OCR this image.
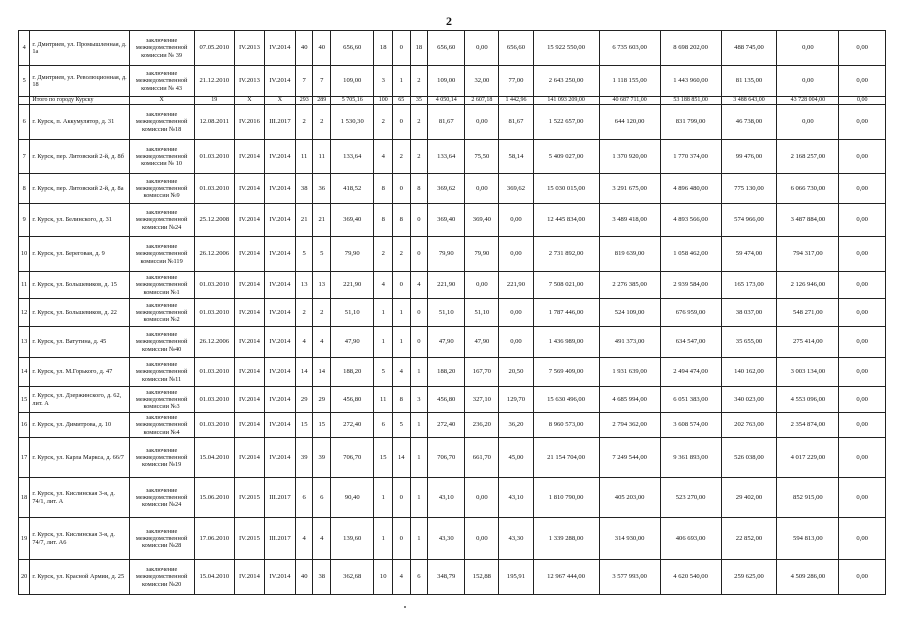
2
4	г. Дмитриев, ул. Промышленная, д. 1а	заключение межведомственной комиссии № 39	07.05.2010	IV.2013	IV.2014	40	40	656,60	18	0	18	656,60	0,00	656,60	15 922 550,00	6 735 603,00	8 698 202,00	488 745,00	0,00	0,00
5	г. Дмитриев, ул. Революционная, д. 18	заключение межведомственной комиссии № 43	21.12.2010	IV.2013	IV.2014	7	7	109,00	3	1	2	109,00	32,00	77,00	2 643 250,00	1 118 155,00	1 443 960,00	81 135,00	0,00	0,00
	Итого по городу Курску	X	19	X	X	293	289	5 705,16	100	65	35	4 050,14	2 607,18	1 442,96	141 093 209,00	40 687 711,00	53 188 851,00	3 488 643,00	43 728 004,00	0,00
6	г. Курск, п. Аккумулятор, д. 31	заключение межведомственной комиссии №18	12.08.2011	IV.2016	III.2017	2	2	1 530,30	2	0	2	81,67	0,00	81,67	1 522 657,00	644 120,00	831 799,00	46 738,00	0,00	0,00
7	г. Курск, пер. Литовский 2-й, д. 8б	заключение межведомственной комиссии № 10	01.03.2010	IV.2014	IV.2014	11	11	133,64	4	2	2	133,64	75,50	58,14	5 409 027,00	1 370 920,00	1 770 374,00	99 476,00	2 168 257,00	0,00
8	г. Курск, пер. Литовский 2-й, д. 8а	заключение межведомственной комиссии №9	01.03.2010	IV.2014	IV.2014	38	36	418,52	8	0	8	369,62	0,00	369,62	15 030 015,00	3 291 675,00	4 896 480,00	775 130,00	6 066 730,00	0,00
9	г. Курск, ул. Белинского, д. 31	заключение межведомственной комиссии №24	25.12.2008	IV.2014	IV.2014	21	21	369,40	8	8	0	369,40	369,40	0,00	12 445 834,00	3 489 418,00	4 893 566,00	574 966,00	3 487 884,00	0,00
10	г. Курск, ул. Береговая, д. 9	заключение межведомственной комиссии №119	26.12.2006	IV.2014	IV.2014	5	5	79,90	2	2	0	79,90	79,90	0,00	2 731 892,00	819 639,00	1 058 462,00	59 474,00	794 317,00	0,00
11	г. Курск, ул. Большевиков, д. 15	заключение межведомственной комиссии №1	01.03.2010	IV.2014	IV.2014	13	13	221,90	4	0	4	221,90	0,00	221,90	7 508 021,00	2 276 385,00	2 939 584,00	165 173,00	2 126 946,00	0,00
12	г. Курск, ул. Большевиков, д. 22	заключение межведомственной комиссии №2	01.03.2010	IV.2014	IV.2014	2	2	51,10	1	1	0	51,10	51,10	0,00	1 787 446,00	524 109,00	676 959,00	38 037,00	548 271,00	0,00
13	г. Курск, ул. Ватутина, д. 45	заключение межведомственной комиссии №40	26.12.2006	IV.2014	IV.2014	4	4	47,90	1	1	0	47,90	47,90	0,00	1 436 989,00	491 373,00	634 547,00	35 655,00	275 414,00	0,00
14	г. Курск, ул. М.Горького, д. 47	заключение межведомственной комиссии №11	01.03.2010	IV.2014	IV.2014	14	14	188,20	5	4	1	188,20	167,70	20,50	7 569 409,00	1 931 639,00	2 494 474,00	140 162,00	3 003 134,00	0,00
15	г. Курск, ул. Дзержинского, д. 62, лит. А	заключение межведомственной комиссии №3	01.03.2010	IV.2014	IV.2014	29	29	456,80	11	8	3	456,80	327,10	129,70	15 630 496,00	4 685 994,00	6 051 383,00	340 023,00	4 553 096,00	0,00
16	г. Курск, ул. Димитрова, д. 10	заключение межведомственной комиссии №4	01.03.2010	IV.2014	IV.2014	15	15	272,40	6	5	1	272,40	236,20	36,20	8 960 573,00	2 794 362,00	3 608 574,00	202 763,00	2 354 874,00	0,00
17	г. Курск, ул. Карла Маркса, д. 66/7	заключение межведомственной комиссии №19	15.04.2010	IV.2014	IV.2014	39	39	706,70	15	14	1	706,70	661,70	45,00	21 154 704,00	7 249 544,00	9 361 893,00	526 038,00	4 017 229,00	0,00
18	г. Курск, ул. Кислинская 3-я, д. 74/1, лит. А	заключение межведомственной комиссии №24	15.06.2010	IV.2015	III.2017	6	6	90,40	1	0	1	43,10	0,00	43,10	1 810 790,00	405 203,00	523 270,00	29 402,00	852 915,00	0,00
19	г. Курск, ул. Кислинская 3-я, д. 74/7, лит. А6	заключение межведомственной комиссии №28	17.06.2010	IV.2015	III.2017	4	4	139,60	1	0	1	43,30	0,00	43,30	1 339 288,00	314 930,00	406 693,00	22 852,00	594 813,00	0,00
20	г. Курск, ул. Красной Армии, д. 25	заключение межведомственной комиссии №20	15.04.2010	IV.2014	IV.2014	40	38	362,68	10	4	6	348,79	152,88	195,91	12 967 444,00	3 577 993,00	4 620 540,00	259 625,00	4 509 286,00	0,00
